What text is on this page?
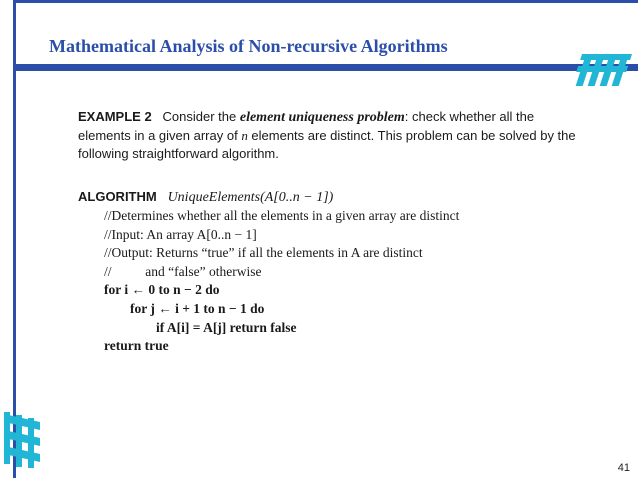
Mathematical Analysis of Non-recursive Algorithms
EXAMPLE 2 Consider the element uniqueness problem: check whether all the elements in a given array of n elements are distinct. This problem can be solved by the following straightforward algorithm.
ALGORITHM UniqueElements(A[0..n − 1])
//Determines whether all the elements in a given array are distinct
//Input: An array A[0..n − 1]
//Output: Returns “true” if all the elements in A are distinct
//          and “false” otherwise
for i ← 0 to n − 2 do
for j ← i + 1 to n − 1 do
if A[i] = A[j] return false
return true
41
